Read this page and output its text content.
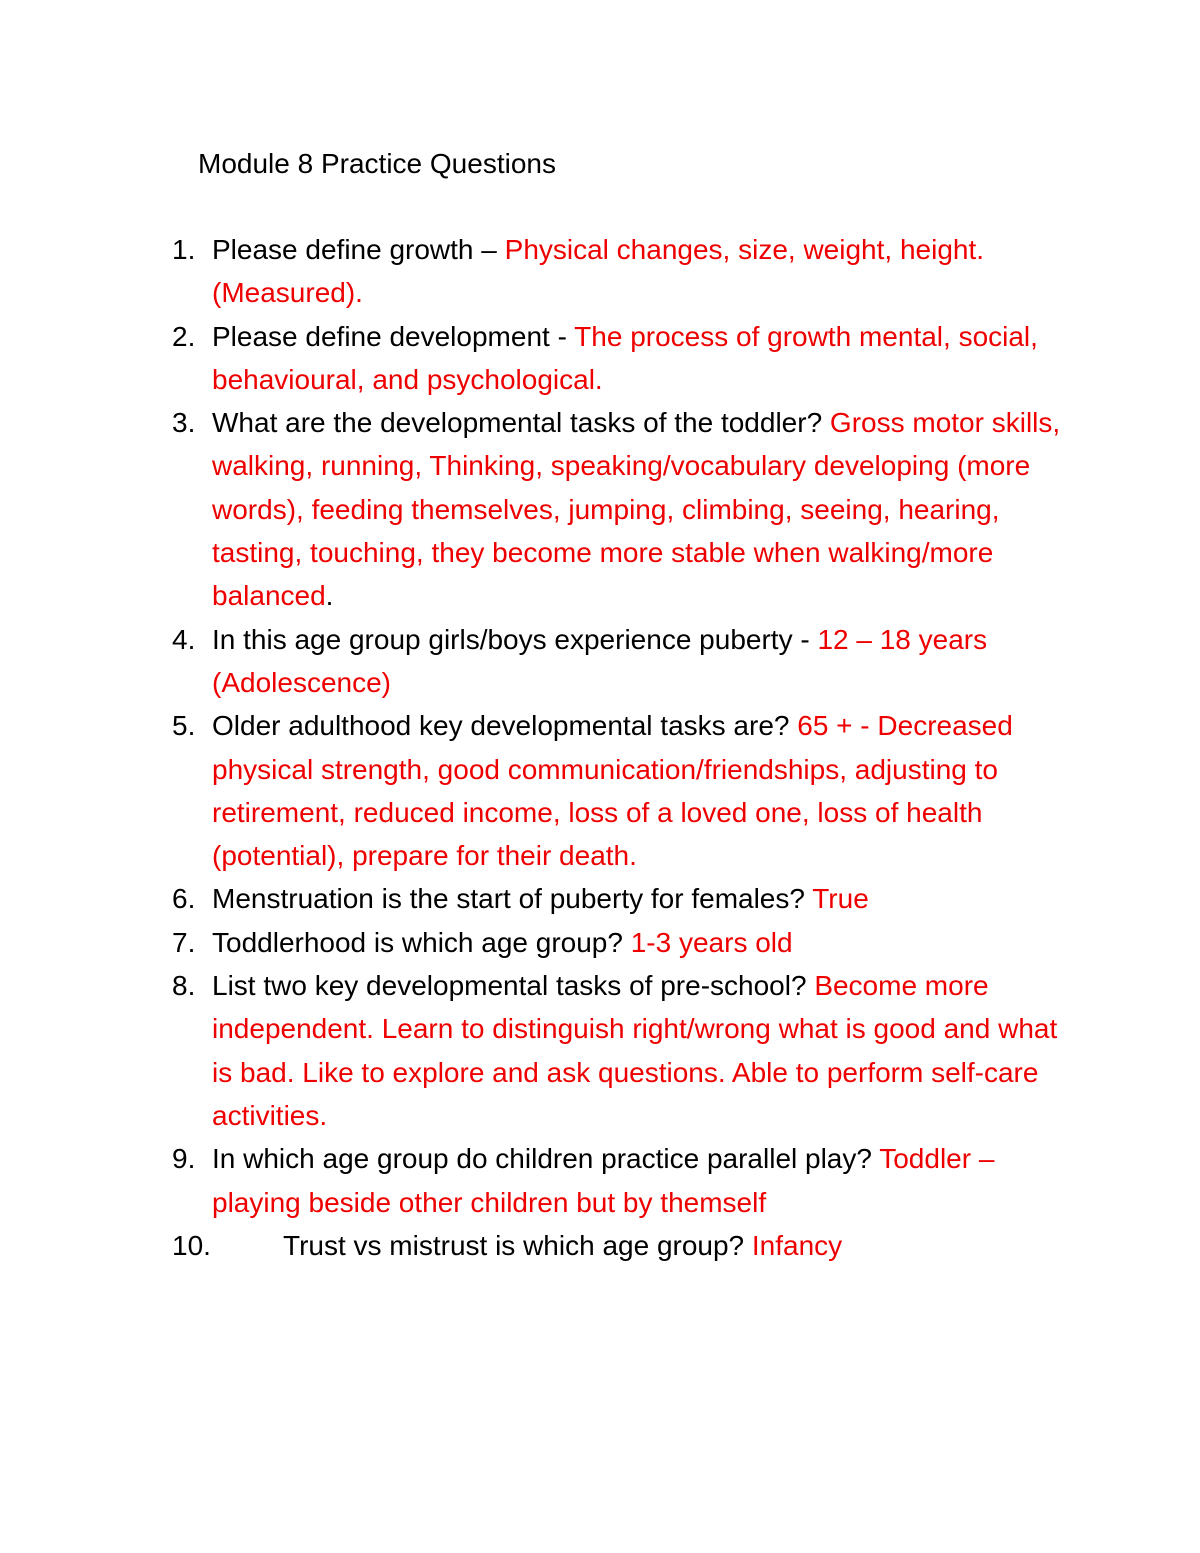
Module 8 Practice Questions
1. Please define growth – Physical changes, size, weight, height. (Measured).
2. Please define development - The process of growth mental, social, behavioural, and psychological.
3. What are the developmental tasks of the toddler? Gross motor skills, walking, running, Thinking, speaking/vocabulary developing (more words), feeding themselves, jumping, climbing, seeing, hearing, tasting, touching, they become more stable when walking/more balanced.
4. In this age group girls/boys experience puberty - 12 – 18 years (Adolescence)
5. Older adulthood key developmental tasks are? 65 + - Decreased physical strength, good communication/friendships, adjusting to retirement, reduced income, loss of a loved one, loss of health (potential), prepare for their death.
6. Menstruation is the start of puberty for females? True
7. Toddlerhood is which age group? 1-3 years old
8. List two key developmental tasks of pre-school? Become more independent. Learn to distinguish right/wrong what is good and what is bad. Like to explore and ask questions. Able to perform self-care activities.
9. In which age group do children practice parallel play? Toddler – playing beside other children but by themself
10.	Trust vs mistrust is which age group? Infancy
